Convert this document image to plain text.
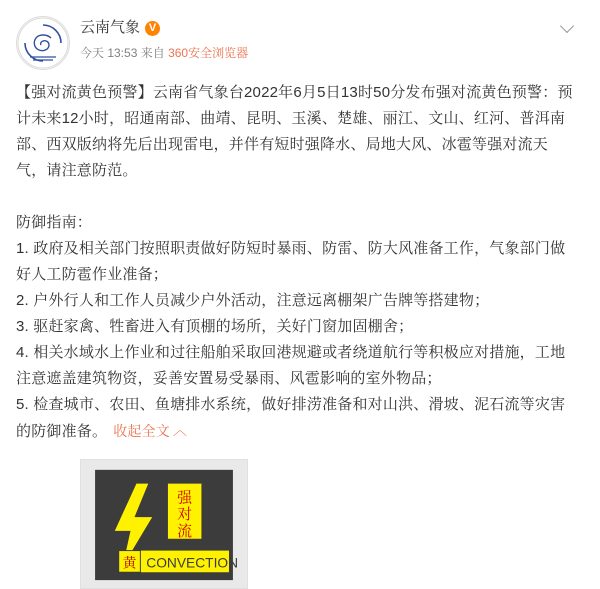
云南气象 V
今天 13:53 来自 360安全浏览器

【强对流黄色预警】云南省气象台2022年6月5日13时50分发布强对流黄色预警：预计未来12小时，昭通南部、曲靖、昆明、玉溪、楚雄、丽江、文山、红河、普洱南部、西双版纳将先后出现雷电，并伴有短时强降水、局地大风、冰雹等强对流天气，请注意防范。

防御指南：

1. 政府及相关部门按照职责做好防短时暴雨、防雷、防大风准备工作，气象部门做好人工防雹作业准备；

2. 户外行人和工作人员减少户外活动，注意远离棚架广告牌等搭建物；

3. 驱赶家禽、牲畜进入有顶棚的场所，关好门窗加固棚舍；

4. 相关水域水上作业和过往船舶采取回港规避或者绕道航行等积极应对措施，工地注意遮盖建筑物资，妥善安置易受暴雨、风雹影响的室外物品；

5. 检查城市、农田、鱼塘排水系统，做好排涝准备和对山洪、滑坡、泥石流等灾害的防御准备。 收起全文 ︿

强
对
流
黄 CONVECTION
